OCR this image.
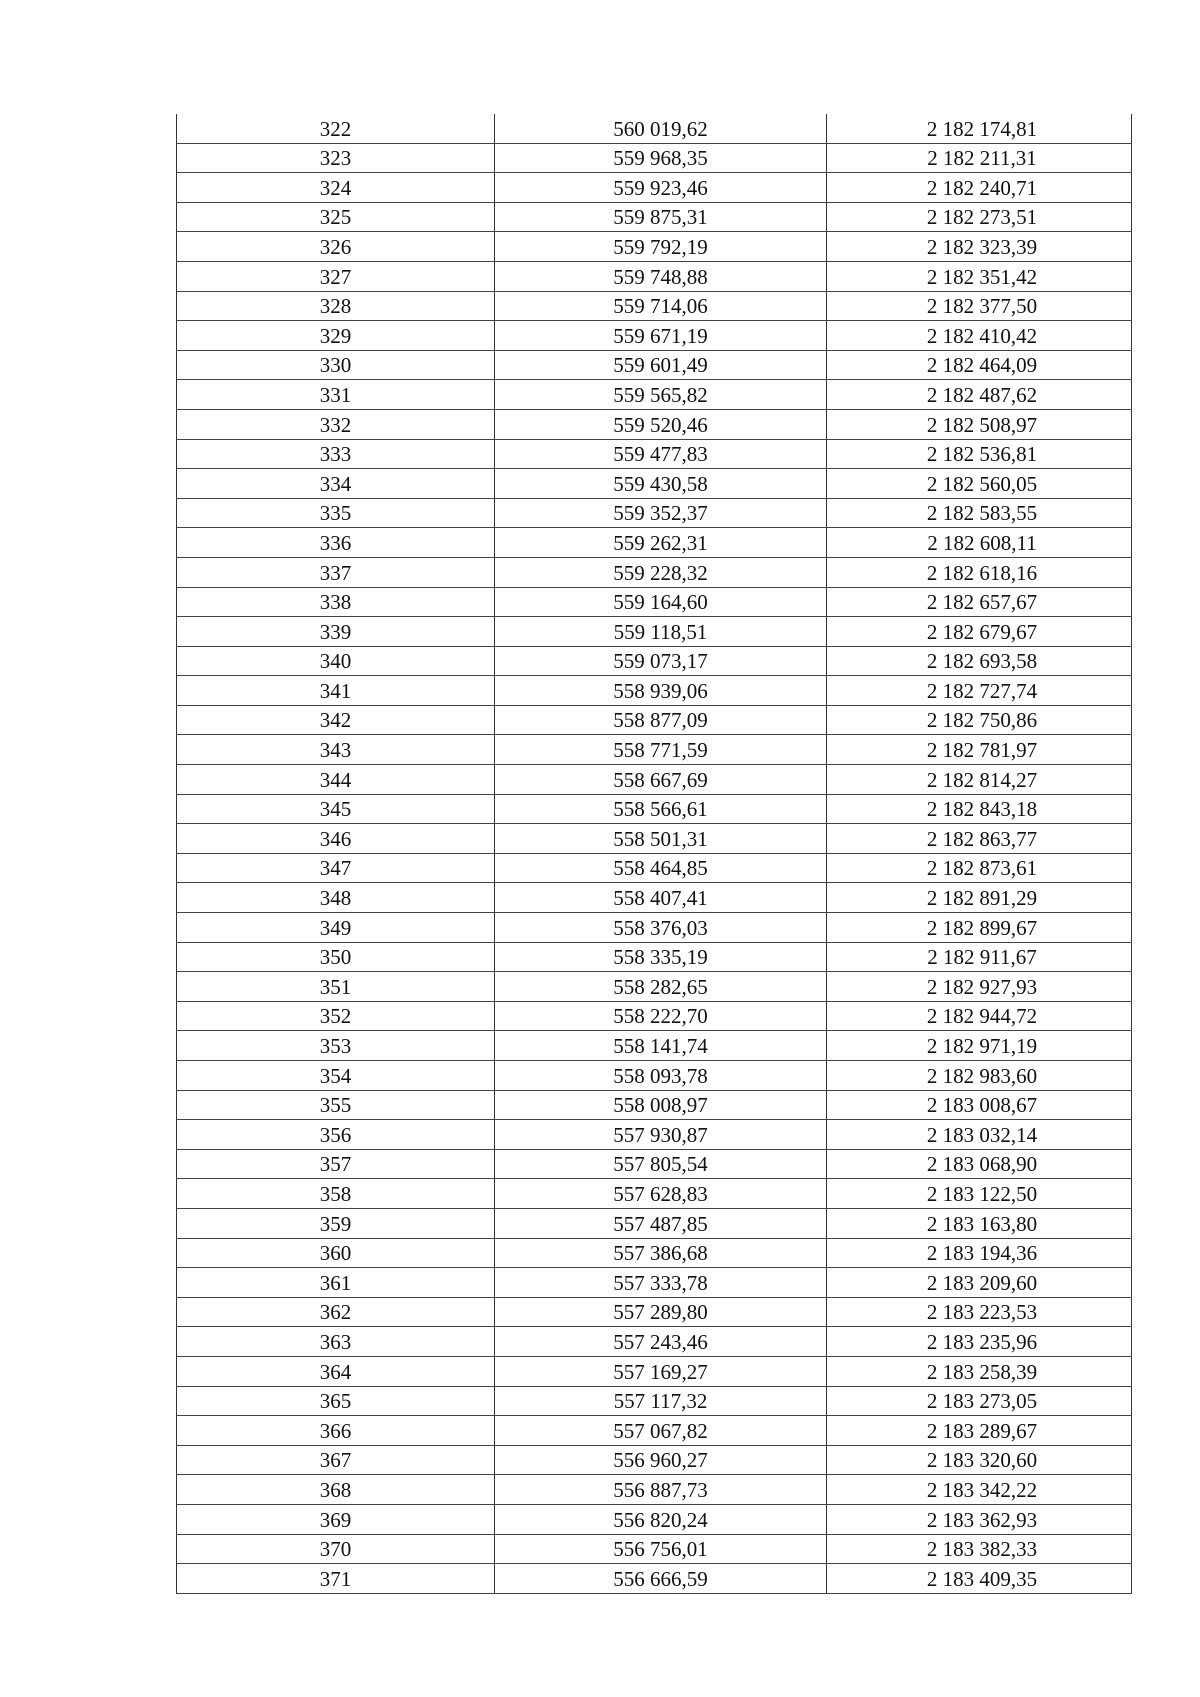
322	560 019,62	2 182 174,81
323	559 968,35	2 182 211,31
324	559 923,46	2 182 240,71
325	559 875,31	2 182 273,51
326	559 792,19	2 182 323,39
327	559 748,88	2 182 351,42
328	559 714,06	2 182 377,50
329	559 671,19	2 182 410,42
330	559 601,49	2 182 464,09
331	559 565,82	2 182 487,62
332	559 520,46	2 182 508,97
333	559 477,83	2 182 536,81
334	559 430,58	2 182 560,05
335	559 352,37	2 182 583,55
336	559 262,31	2 182 608,11
337	559 228,32	2 182 618,16
338	559 164,60	2 182 657,67
339	559 118,51	2 182 679,67
340	559 073,17	2 182 693,58
341	558 939,06	2 182 727,74
342	558 877,09	2 182 750,86
343	558 771,59	2 182 781,97
344	558 667,69	2 182 814,27
345	558 566,61	2 182 843,18
346	558 501,31	2 182 863,77
347	558 464,85	2 182 873,61
348	558 407,41	2 182 891,29
349	558 376,03	2 182 899,67
350	558 335,19	2 182 911,67
351	558 282,65	2 182 927,93
352	558 222,70	2 182 944,72
353	558 141,74	2 182 971,19
354	558 093,78	2 182 983,60
355	558 008,97	2 183 008,67
356	557 930,87	2 183 032,14
357	557 805,54	2 183 068,90
358	557 628,83	2 183 122,50
359	557 487,85	2 183 163,80
360	557 386,68	2 183 194,36
361	557 333,78	2 183 209,60
362	557 289,80	2 183 223,53
363	557 243,46	2 183 235,96
364	557 169,27	2 183 258,39
365	557 117,32	2 183 273,05
366	557 067,82	2 183 289,67
367	556 960,27	2 183 320,60
368	556 887,73	2 183 342,22
369	556 820,24	2 183 362,93
370	556 756,01	2 183 382,33
371	556 666,59	2 183 409,35
